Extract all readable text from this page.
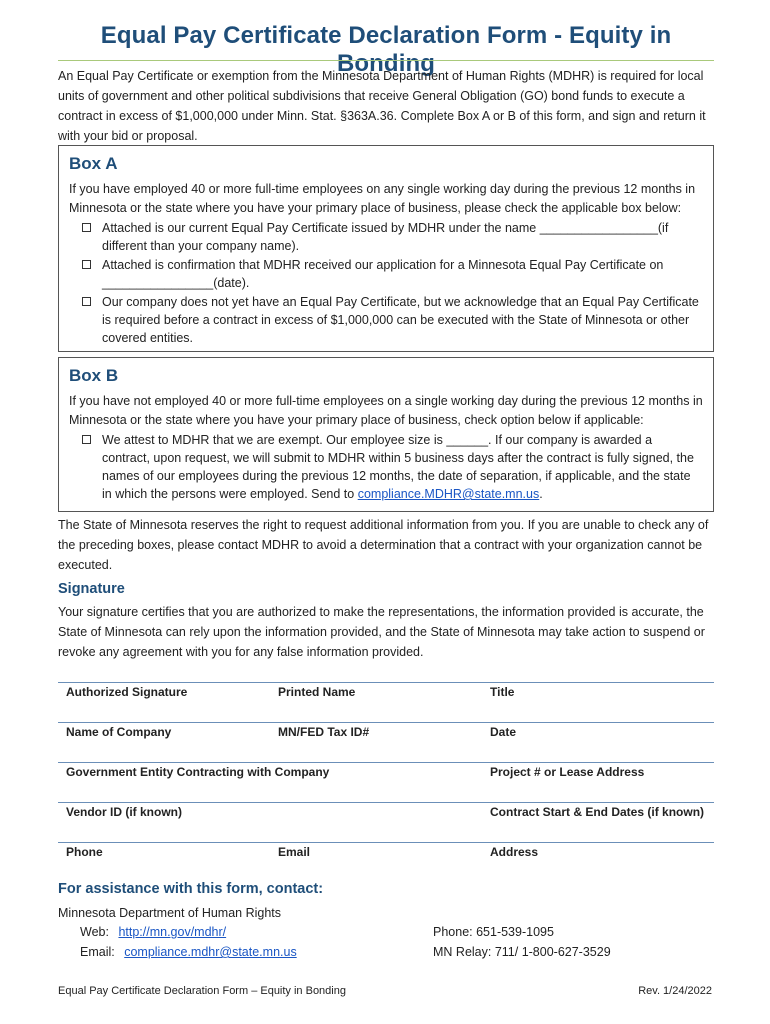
Equal Pay Certificate Declaration Form - Equity in Bonding
An Equal Pay Certificate or exemption from the Minnesota Department of Human Rights (MDHR) is required for local units of government and other political subdivisions that receive General Obligation (GO) bond funds to execute a contract in excess of $1,000,000 under Minn. Stat. §363A.36. Complete Box A or B of this form, and sign and return it with your bid or proposal.
Box A
If you have employed 40 or more full-time employees on any single working day during the previous 12 months in Minnesota or the state where you have your primary place of business, please check the applicable box below:
Attached is our current Equal Pay Certificate issued by MDHR under the name _________________(if different than your company name).
Attached is confirmation that MDHR received our application for a Minnesota Equal Pay Certificate on ________________(date).
Our company does not yet have an Equal Pay Certificate, but we acknowledge that an Equal Pay Certificate is required before a contract in excess of $1,000,000 can be executed with the State of Minnesota or other covered entities.
Box B
If you have not employed 40 or more full-time employees on a single working day during the previous 12 months in Minnesota or the state where you have your primary place of business, check option below if applicable:
We attest to MDHR that we are exempt. Our employee size is ______. If our company is awarded a contract, upon request, we will submit to MDHR within 5 business days after the contract is fully signed, the names of our employees during the previous 12 months, the date of separation, if applicable, and the state in which the persons were employed. Send to compliance.MDHR@state.mn.us.
The State of Minnesota reserves the right to request additional information from you. If you are unable to check any of the preceding boxes, please contact MDHR to avoid a determination that a contract with your organization cannot be executed.
Signature
Your signature certifies that you are authorized to make the representations, the information provided is accurate, the State of Minnesota can rely upon the information provided, and the State of Minnesota may take action to suspend or revoke any agreement with you for any false information provided.
Authorized Signature	Printed Name	Title
Name of Company	MN/FED Tax ID#	Date
Government Entity Contracting with Company	Project # or Lease Address
Vendor ID (if known)	Contract Start & End Dates (if known)
Phone	Email	Address
For assistance with this form, contact:
Minnesota Department of Human Rights
Web: http://mn.gov/mdhr/
Email: compliance.mdhr@state.mn.us
Phone: 651-539-1095
MN Relay: 711/ 1-800-627-3529
Equal Pay Certificate Declaration Form – Equity in Bonding	Rev. 1/24/2022
